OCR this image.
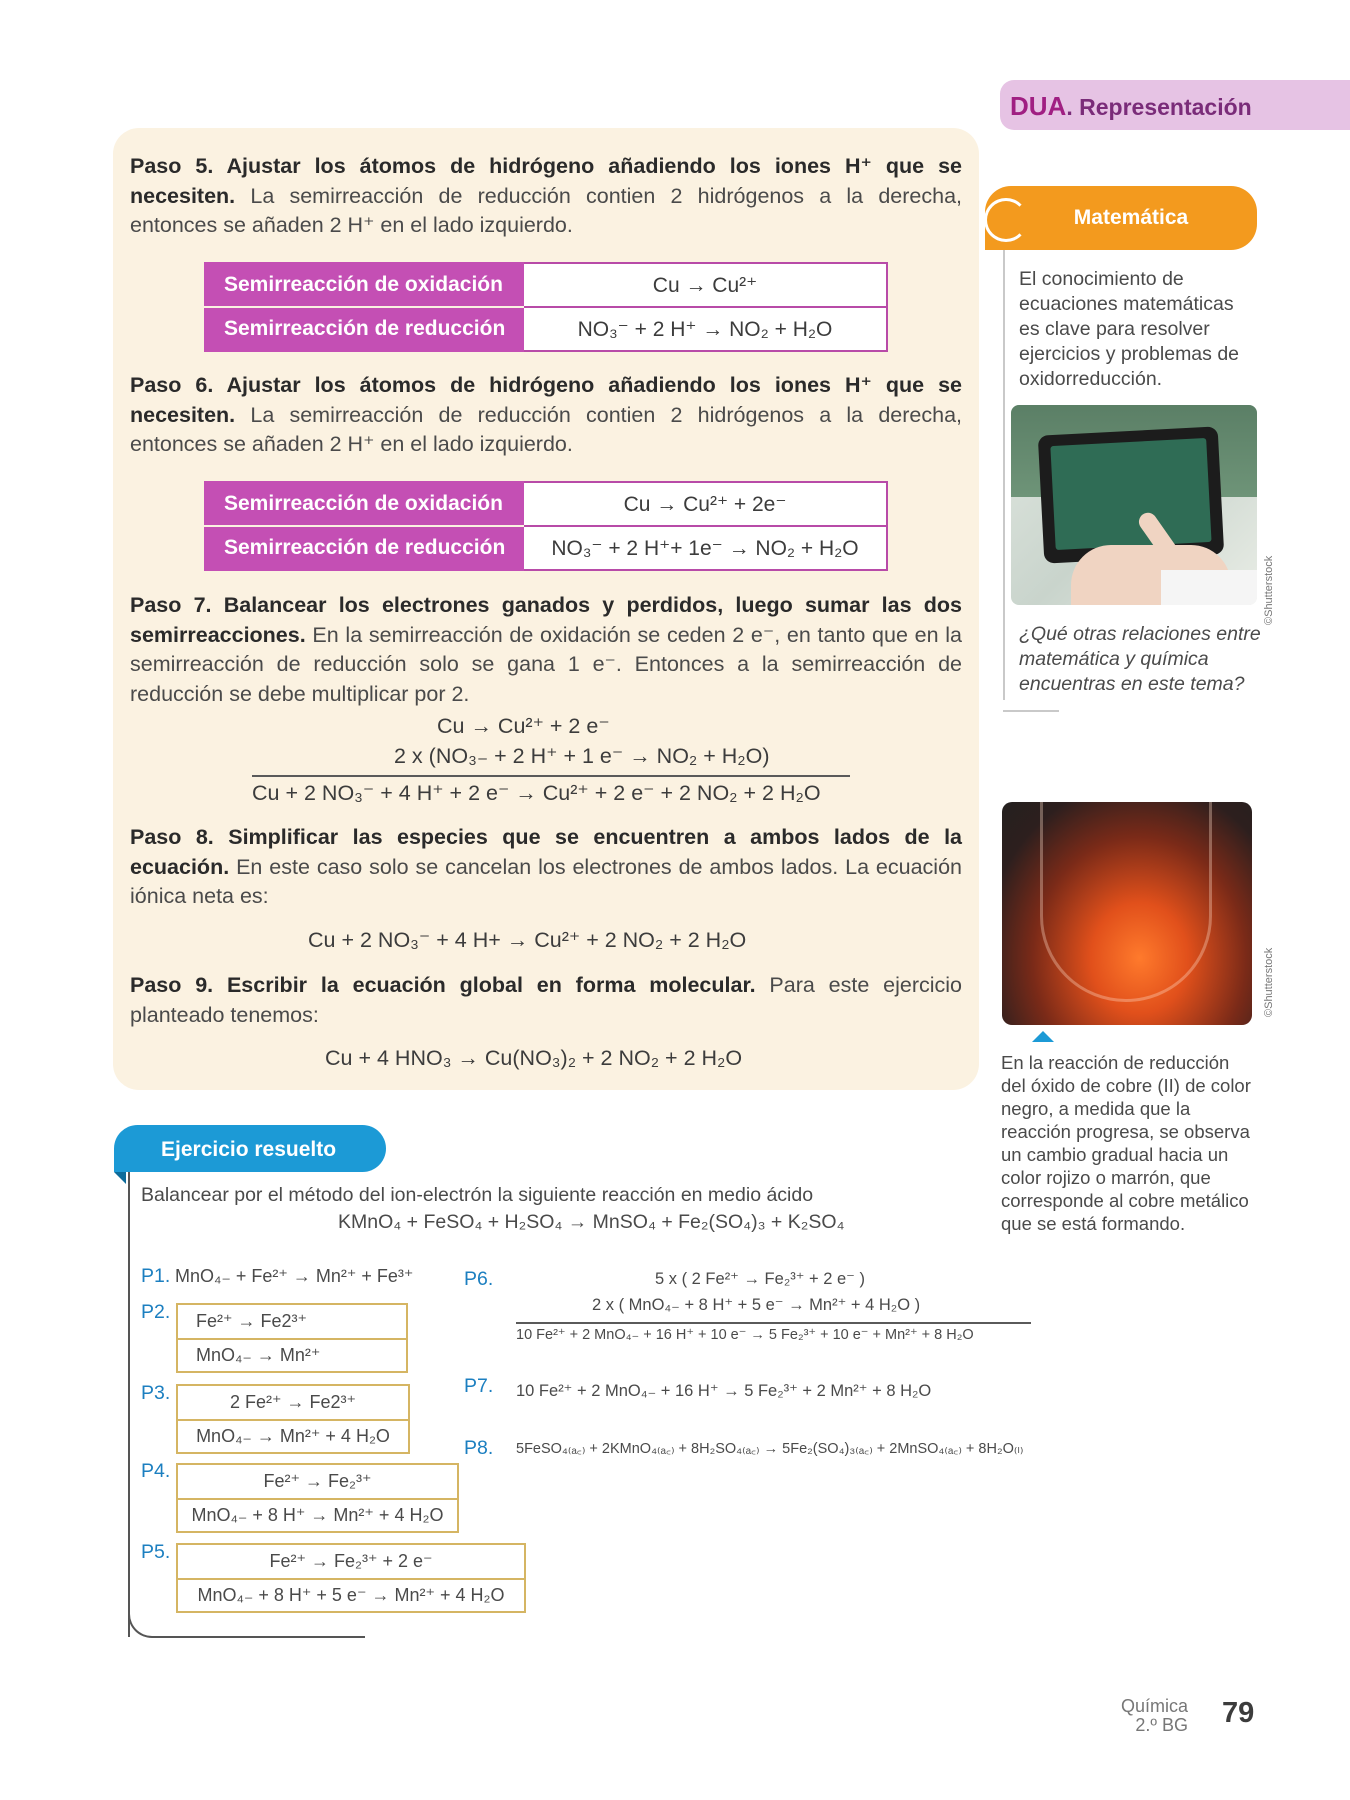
Paso 5. Ajustar los átomos de hidrógeno añadiendo los iones H⁺ que se necesiten. La semirreacción de reducción contien 2 hidrógenos a la derecha, entonces se añaden 2 H⁺ en el lado izquierdo.
Semirreacción de oxidación	Cu → Cu²⁺
Semirreacción de reducción	NO₃⁻ + 2 H⁺ → NO₂ + H₂O
Paso 6. Ajustar los átomos de hidrógeno añadiendo los iones H⁺ que se necesiten. La semirreacción de reducción contien 2 hidrógenos a la derecha, entonces se añaden 2 H⁺ en el lado izquierdo.
Semirreacción de oxidación	Cu → Cu²⁺ + 2e⁻
Semirreacción de reducción	NO₃⁻ + 2 H⁺+ 1e⁻ → NO₂ + H₂O
Paso 7. Balancear los electrones ganados y perdidos, luego sumar las dos semirreacciones. En la semirreacción de oxidación se ceden 2 e⁻, en tanto que en la semirreacción de reducción solo se gana 1 e⁻. Entonces a la semirreacción de reducción se debe multiplicar por 2.
Cu → Cu²⁺ + 2 e⁻
2 x (NO₃₋ + 2 H⁺ + 1 e⁻ → NO₂ + H₂O)
Cu + 2 NO₃⁻ + 4 H⁺ + 2 e⁻ → Cu²⁺ + 2 e⁻ + 2 NO₂ + 2 H₂O
Paso 8. Simplificar las especies que se encuentren a ambos lados de la ecuación. En este caso solo se cancelan los electrones de ambos lados. La ecuación iónica neta es:
Cu + 2 NO₃⁻ + 4 H+ → Cu²⁺ + 2 NO₂ + 2 H₂O
Paso 9. Escribir la ecuación global en forma molecular. Para este ejercicio planteado tenemos:
Cu + 4 HNO₃ → Cu(NO₃)₂ + 2 NO₂ + 2 H₂O
DUA. Representación
Matemática
El conocimiento de ecuaciones matemáticas es clave para resolver ejercicios y problemas de oxidorreducción.
©Shutterstock
¿Qué otras relaciones entre matemática y química encuentras en este tema?
©Shutterstock
En la reacción de reducción del óxido de cobre (II) de color negro, a medida que la reacción progresa, se observa un cambio gradual hacia un color rojizo o marrón, que corresponde al cobre metálico que se está formando.
Ejercicio resuelto
Balancear por el método del ion-electrón la siguiente reacción en medio ácido
KMnO₄ + FeSO₄ + H₂SO₄ → MnSO₄ + Fe₂(SO₄)₃ + K₂SO₄
P1. MnO₄₋ + Fe²⁺ → Mn²⁺ + Fe³⁺
P2.	Fe²⁺ → Fe2³⁺
MnO₄₋ → Mn²⁺
P3.	2 Fe²⁺ → Fe2³⁺
MnO₄₋ → Mn²⁺ + 4 H₂O
P4.	Fe²⁺ → Fe₂³⁺
MnO₄₋ + 8 H⁺ → Mn²⁺ + 4 H₂O
P5.	Fe²⁺ → Fe₂³⁺ + 2 e⁻
MnO₄₋ + 8 H⁺ + 5 e⁻ → Mn²⁺ + 4 H₂O
P6.	5 x ( 2 Fe²⁺ → Fe₂³⁺ + 2 e⁻ )
2 x ( MnO₄₋ + 8 H⁺ + 5 e⁻ → Mn²⁺ + 4 H₂O )
10 Fe²⁺ + 2 MnO₄₋ + 16 H⁺ + 10 e⁻ → 5 Fe₂³⁺ + 10 e⁻ + Mn²⁺ + 8 H₂O
P7. 10 Fe²⁺ + 2 MnO₄₋ + 16 H⁺ → 5 Fe₂³⁺ + 2 Mn²⁺ + 8 H₂O
P8. 5FeSO₄₍ₐ꜀₎ + 2KMnO₄₍ₐ꜀₎ + 8H₂SO₄₍ₐ꜀₎ → 5Fe₂(SO₄)₃₍ₐ꜀₎ + 2MnSO₄₍ₐ꜀₎ + 8H₂O₍ₗ₎
Química
2.º BG 79
